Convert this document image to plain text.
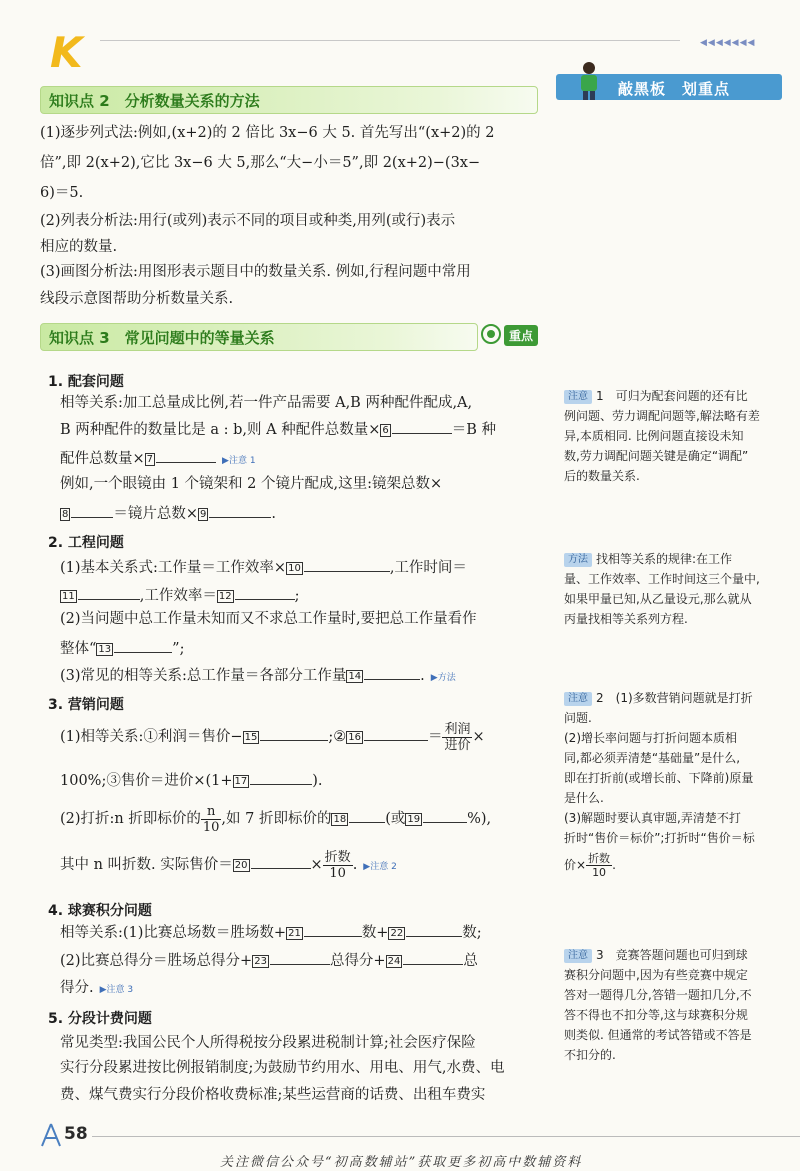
K	◀◀◀◀◀◀◀
敲黑板　划重点
知识点 2　分析数量关系的方法
(1)逐步列式法:例如,(x+2)的 2 倍比 3x−6 大 5. 首先写出“(x+2)的 2
倍”,即 2(x+2),它比 3x−6 大 5,那么“大−小＝5”,即 2(x+2)−(3x−
6)＝5.
(2)列表分析法:用行(或列)表示不同的项目或种类,用列(或行)表示
相应的数量.
(3)画图分析法:用图形表示题目中的数量关系. 例如,行程问题中常用
线段示意图帮助分析数量关系.
知识点 3　常见问题中的等量关系	重点
1. 配套问题
相等关系:加工总量成比例,若一件产品需要 A,B 两种配件配成,A,
B 两种配件的数量比是 a : b,则 A 种配件总数量× 6	＝B 种
配件总数量× 7	▶注意 1
例如,一个眼镜由 1 个镜架和 2 个镜片配成,这里:镜架总数×
8	＝镜片总数× 9	.
2. 工程问题
(1)基本关系式:工作量＝工作效率× 10	,工作时间＝
11	,工作效率＝ 12	;
(2)当问题中总工作量未知而又不求总工作量时,要把总工作量看作
整体“ 13	”;
(3)常见的相等关系:总工作量＝各部分工作量 14	. ▶方法
3. 营销问题
(1)相等关系:①利润＝售价− 15	;② 16	＝ $\frac{\text{利润}}{\text{进价}}$ ×
100%;③售价＝进价×(1+ 17	).
(2)打折:n 折即标价的 $\frac{n}{10}$ ,如 7 折即标价的 18	(或 19	%),
其中 n 叫折数. 实际售价＝ 20	× $\frac{\text{折数}}{10}$ . ▶注意 2
4. 球赛积分问题
相等关系:(1)比赛总场数＝胜场数+ 21	数+ 22	数;
(2)比赛总得分＝胜场总得分+ 23	总得分+ 24	总
得分. ▶注意 3
5. 分段计费问题
常见类型:我国公民个人所得税按分段累进税制计算;社会医疗保险
实行分段累进按比例报销制度;为鼓励节约用水、用电、用气,水费、电
费、煤气费实行分段价格收费标准;某些运营商的话费、出租车费实
注意 1　可归为配套问题的还有比
例问题、劳力调配问题等,解法略有差
异,本质相同. 比例问题直接设未知
数,劳力调配问题关键是确定“调配”
后的数量关系.
方法 找相等关系的规律:在工作
量、工作效率、工作时间这三个量中,
如果甲量已知,从乙量设元,那么就从
丙量找相等关系列方程.
注意 2　(1)多数营销问题就是打折
问题.
(2)增长率问题与打折问题本质相
同,都必须弄清楚“基础量”是什么,
即在打折前(或增长前、下降前)原量
是什么.
(3)解题时要认真审题,弄清楚不打
折时“售价＝标价”;打折时“售价＝标
价× $\frac{\text{折数}}{10}$ .
注意 3　竞赛答题问题也可归到球
赛积分问题中,因为有些竞赛中规定
答对一题得几分,答错一题扣几分,不
答不得也不扣分等,这与球赛积分规
则类似. 但通常的考试答错或不答是
不扣分的.
58
关注微信公众号“初高数辅站”获取更多初高中数辅资料
